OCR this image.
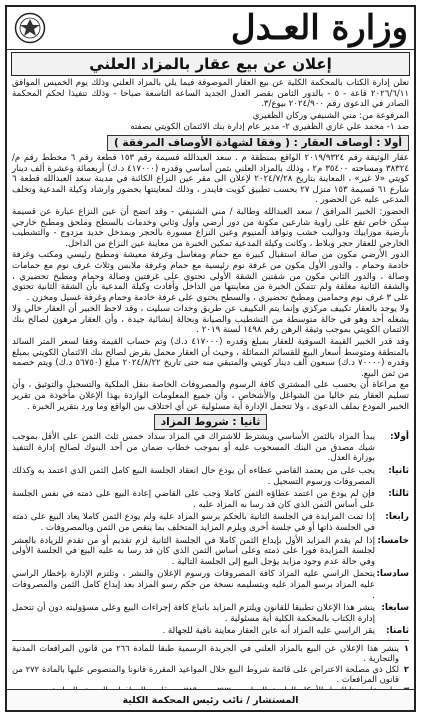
وزارة العـدل
إعلان عن بيع عقار بالمزاد العلني

تعلن إدارة الكتاب بالمحكمة الكلية عن بيع العقار الموصوفة فيما يلي بالمزاد العلني وذلك يوم الخميس الموافق ٢٠٢٦/٦/١١ قاعة - ٥ - بالدور الثامن بقصر العدل الجديد الساعة التاسعة صباحا - وذلك تنفيذا لحكم المحكمة الصادر في الدعوى رقم ٢٠٢٤/٩٠٠ بيوع/٣.

المرفوعة من: مني الشنيفي وركان الظفيري

ضد ١- محمد علي غازي الظفيري ٢- مدير عام إدارة بنك الائتمان الكويتي بصفته

أولا : أوصاف العقار : ( وفقا لشهادة الأوصاف المرفقة )

عقار الوثيقة رقم ٢٠١٩/٩٣٢٤ الواقع بمنطقة م . سعد العبدالله قسيمة رقم ١٥٣ قطعة رقم ٦ مخطط رقم م/ ٣٨٣٢٤ ومساحته ٣٥٤٠٠ م٢ ، وذلك بالمزاد العلني بثمن أساسي وقدره (٤١٧٠٠٠ د.ك) أربعمائة وعشرة ألف دينار كويتي «لا غير» ، المعاينة بتاريخ ٢٠٢٤/٧/٢٨ لإعلان الى مقر عين النزاع الكائنة في مدينة سعد العبدالله قطعة ٦ شارع ٦١ قسيمة ١٥٣ منزل ٢٧ بحسب تطبيق كويت فايندر ، وذلك لمعاينتها بحضور وارشاد وكيلة المدعية وتخلف المدعى عليه عن الحضور .

الحضور: الخبير المرافق / سعد العبدالله وطالبة / مني الشنيفي - وقد اتضح أن عين النزاع عبارة عن قسيمة سكن خاص تقع على زاوية شارعين مكونة من دور أرضي وأول وثاني وخدمات بالسطح وملحق ومطبخ خارجي بأرضية موزاييك ودواليب خشب ونوافذ ألمنيوم وعين النزاع مسورة بالحجر وبمدخل حديد مزدوج - والتشطيب الخارجي للعقار حجر وبلاط ، وكانت وكيلة المدعية تمكين الخبرة من معاينة عين النزاع من الداخل.

الدور الأرضي مكون من صالة استقبال كبيرة مع حمام ومغاسل وغرفة معيشة ومطبخ رئيسي ومكتب وغرفة خادمة وحمام ، والدور الأول مكون من غرفة نوم رئيسية مع حمام وغرفة ملابس وثلاث غرف نوم مع حمامات وصالة ، والدور الثاني مكون من شقتين الشقة الأولى تحتوي على غرفتين وصالة وحمام ومطبخ تحضيري ، والشقة الثانية مغلقة ولم تتمكن الخبرة من معاينتها من الداخل وأفادت وكيلة المدعية بأن الشقة الثانية تحتوي على ٣ غرف نوم وحمامين ومطبخ تحضيري ، والسطح يحتوي على غرفة خادمة وحمام وغرفة غسيل ومخزن .

ولا يوجد بالعقار تكييف مركزي وإنما يتم التكييف عن طريق وحدات سبليت ، وقد لاحظ الخبير أن العقار خالي ولا يشغله أحد وهو في حالة متوسطة من التشطيب والصيانة وبحالة إنشائية جيدة ، وأن العقار مرهون لصالح بنك الائتمان الكويتي بموجب وثيقة الرهن رقم ١٤٩٨ لسنة ٢٠١٩ .

وقد قدر الخبير القيمة السوقية للعقار بمبلغ وقدره (٤١٧٠٠٠ د.ك) وتم حساب القيمة وفقا لسعر المتر السائد بالمنطقة ومتوسط أسعار البيع للقسائم المماثلة ، وحيث أن العقار محمل بقرض لصالح بنك الائتمان الكويتي بمبلغ وقدره (٧٠٠٠٠ د.ك) سبعون ألف دينار كويتي والمتبقي منه حتى تاريخ ٢٠٢٤/٨/٢٢ مبلغ (٥٦٧٥٠ د.ك) ويتم خصمه من ثمن البيع.

مع مراعاة أن يحسب على المشتري كافة الرسوم والمصروفات الخاصة بنقل الملكية والتسجيل والتوثيق ، وأن تسليم العقار يتم خاليا من الشواغل والأشخاص ، وأن جميع المعلومات الواردة بهذا الإعلان مأخوذة من تقرير الخبير المودع بملف الدعوى ، ولا تتحمل الإدارة أية مسئولية عن أي اختلاف بين الواقع وما ورد بتقرير الخبرة .

ثانيا : شروط المزاد
أولا:
يبدأ المزاد بالثمن الأساسي ويشترط للاشتراك في المزاد سداد خمس ثلث الثمن على الأقل بموجب شيك مصدق من البنك المسحوب عليه أو بموجب خطاب ضمان من أحد البنوك لصالح إدارة التنفيذ بوزارة العدل.
ثانيا:
يجب على من يعتمد القاضي عطاءه أن يودع حال انعقاد الجلسة البيع كامل الثمن الذي اعتمد به وكذلك المصروفات ورسوم التسجيل .
ثالثا:
فإن لم يودع من اعتمد عطاؤه الثمن كاملا وجب على القاضي إعادة البيع على ذمته في نفس الجلسة على أساس الثمن الذي كان قد رسا به المزاد عليه .
رابعا:
إذا تمت المزايدة في الجلسة الثانية بالحكم برسو المزاد عليه ولم يودع الثمن كاملا يعاد البيع على ذمته في الجلسة ذاتها أو في جلسة أخرى ويلزم المزايد المتخلف بما ينقص من الثمن وبالمصروفات .
خامسا:
إذا لم يقدم المزايد الأول بإيداع الثمن كاملا في الجلسة الثانية لزم تقديم أو من تقدم للزيادة بالعشر لجلسة المزايدة فورا على ذمته وعلى أساس الثمن الذي كان قد رسا به عليه البيع في الجلسة الأولى وفي حالة عدم وجود مزايد يؤجل البيع إلى الجلسة التالية .
سادسا:
يتحمل الراسي عليه المزاد كافة المصروفات ورسوم الإعلان والنشر ، وتلتزم الإدارة بإخطار الراسي عليه المزاد برسو المزاد عليه وبتسليمه نسخة من حكم رسو المزاد بعد إيداع كامل الثمن والمصروفات .
سابعا:
ينشر هذا الإعلان تطبيقا للقانون ويلتزم المزايد باتباع كافة إجراءات البيع وعلى مسؤوليته دون أن تتحمل إدارة الكتاب بالمحكمة الكلية أية مسئولية .
ثامنا:
يقر الراسي عليه المزاد أنه عاين العقار معاينة نافية للجهالة .
١
ينشر هذا الإعلان عن البيع بالمزاد العلني في الجريدة الرسمية طبقا للمادة ٢٦٦ من قانون المرافعات المدنية والتجارية .
٢
لكل ذي مصلحة الاعتراض على قائمة شروط البيع خلال المواعيد المقررة قانونا والمنصوص عليها بالمادة ٢٧٢ من قانون المرافعات .
المستشار / نائب رئيس المحكمة الكلية
